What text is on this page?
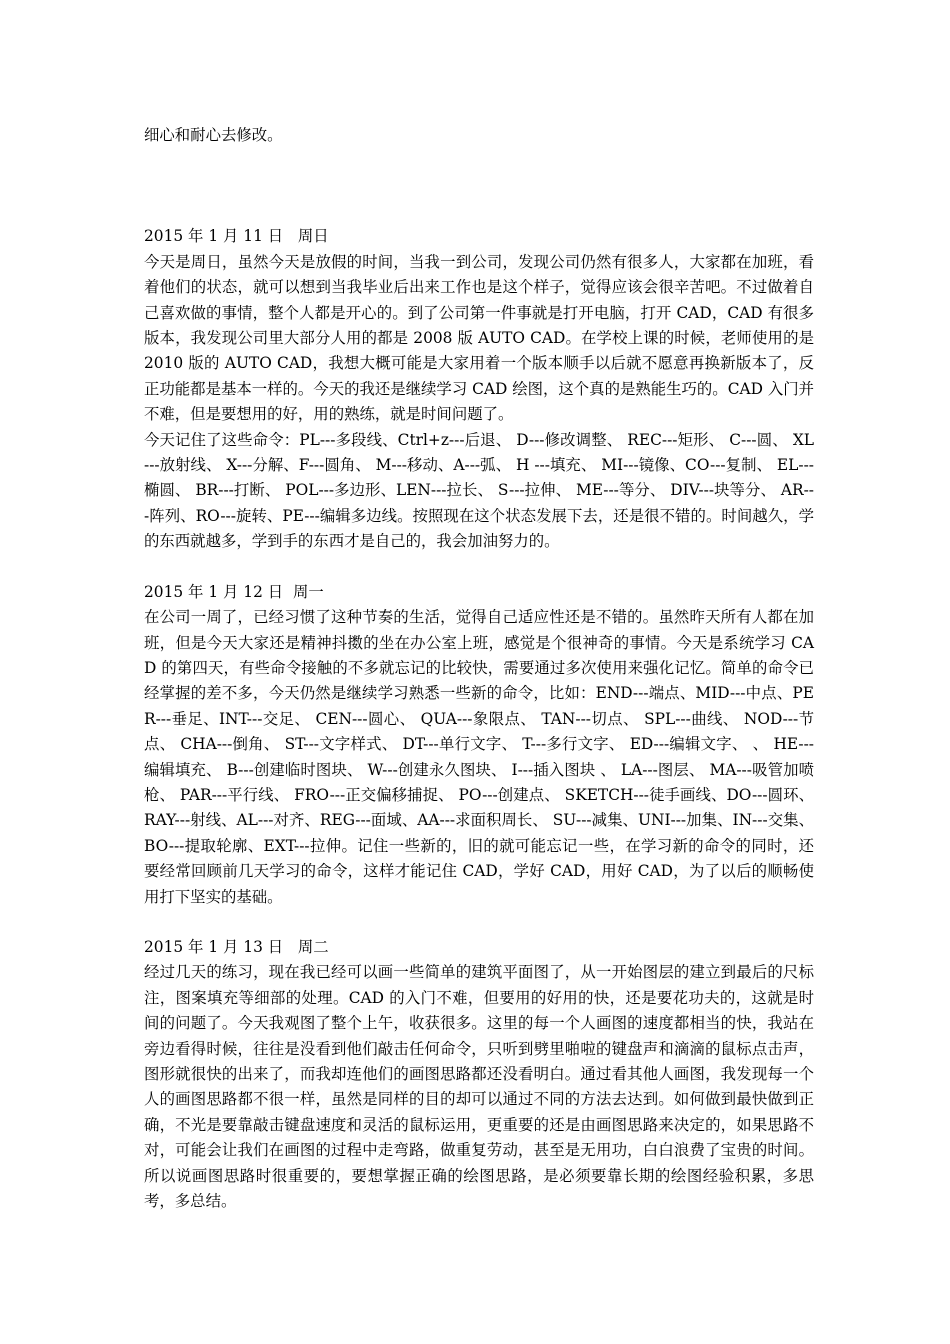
细心和耐心去修改。

2015 年 1 月 11 日   周日

今天是周日，虽然今天是放假的时间，当我一到公司，发现公司仍然有很多人，大家都在加班，看着他们的状态，就可以想到当我毕业后出来工作也是这个样子，觉得应该会很辛苦吧。不过做着自己喜欢做的事情，整个人都是开心的。到了公司第一件事就是打开电脑，打开 CAD，CAD 有很多版本，我发现公司里大部分人用的都是 2008 版 AUTO CAD。在学校上课的时候，老师使用的是 2010 版的 AUTO CAD，我想大概可能是大家用着一个版本顺手以后就不愿意再换新版本了，反正功能都是基本一样的。今天的我还是继续学习 CAD 绘图，这个真的是熟能生巧的。CAD 入门并不难，但是要想用的好，用的熟练，就是时间问题了。

今天记住了这些命令：PL---多段线、Ctrl+z---后退、 D---修改调整、 REC---矩形、 C---圆、 XL---放射线、 X---分解、F---圆角、 M---移动、A---弧、 H ---填充、 MI---镜像、CO---复制、 EL---椭圆、 BR---打断、 POL---多边形、LEN---拉长、 S---拉伸、 ME---等分、 DIV---块等分、 AR---阵列、RO---旋转、PE---编辑多边线。按照现在这个状态发展下去，还是很不错的。时间越久，学的东西就越多，学到手的东西才是自己的，我会加油努力的。

2015 年 1 月 12 日  周一

在公司一周了，已经习惯了这种节奏的生活，觉得自己适应性还是不错的。虽然昨天所有人都在加班，但是今天大家还是精神抖擞的坐在办公室上班，感觉是个很神奇的事情。今天是系统学习 CAD 的第四天，有些命令接触的不多就忘记的比较快，需要通过多次使用来强化记忆。简单的命令已经掌握的差不多，今天仍然是继续学习熟悉一些新的命令，比如：END---端点、MID---中点、PER---垂足、INT---交足、 CEN---圆心、 QUA---象限点、 TAN---切点、 SPL---曲线、 NOD---节点、 CHA---倒角、 ST---文字样式、 DT---单行文字、 T---多行文字、 ED---编辑文字、 、 HE---编辑填充、 B---创建临时图块、 W---创建永久图块、 I---插入图块 、 LA---图层、 MA---吸管加喷枪、 PAR---平行线、 FRO---正交偏移捕捉、 PO---创建点、 SKETCH---徒手画线、DO---圆环、RAY---射线、AL---对齐、REG---面域、AA---求面积周长、 SU---减集、UNI---加集、IN---交集、BO---提取轮廓、EXT---拉伸。记住一些新的，旧的就可能忘记一些，在学习新的命令的同时，还要经常回顾前几天学习的命令，这样才能记住 CAD，学好 CAD，用好 CAD，为了以后的顺畅使用打下坚实的基础。

2015 年 1 月 13 日   周二

经过几天的练习，现在我已经可以画一些简单的建筑平面图了，从一开始图层的建立到最后的尺标注，图案填充等细部的处理。CAD 的入门不难，但要用的好用的快，还是要花功夫的，这就是时间的问题了。今天我观图了整个上午，收获很多。这里的每一个人画图的速度都相当的快，我站在旁边看得时候，往往是没看到他们敲击任何命令，只听到劈里啪啦的键盘声和滴滴的鼠标点击声，图形就很快的出来了，而我却连他们的画图思路都还没看明白。通过看其他人画图，我发现每一个人的画图思路都不很一样，虽然是同样的目的却可以通过不同的方法去达到。如何做到最快做到正确，不光是要靠敲击键盘速度和灵活的鼠标运用，更重要的还是由画图思路来决定的，如果思路不对，可能会让我们在画图的过程中走弯路，做重复劳动，甚至是无用功，白白浪费了宝贵的时间。所以说画图思路时很重要的，要想掌握正确的绘图思路，是必须要靠长期的绘图经验积累，多思考，多总结。
